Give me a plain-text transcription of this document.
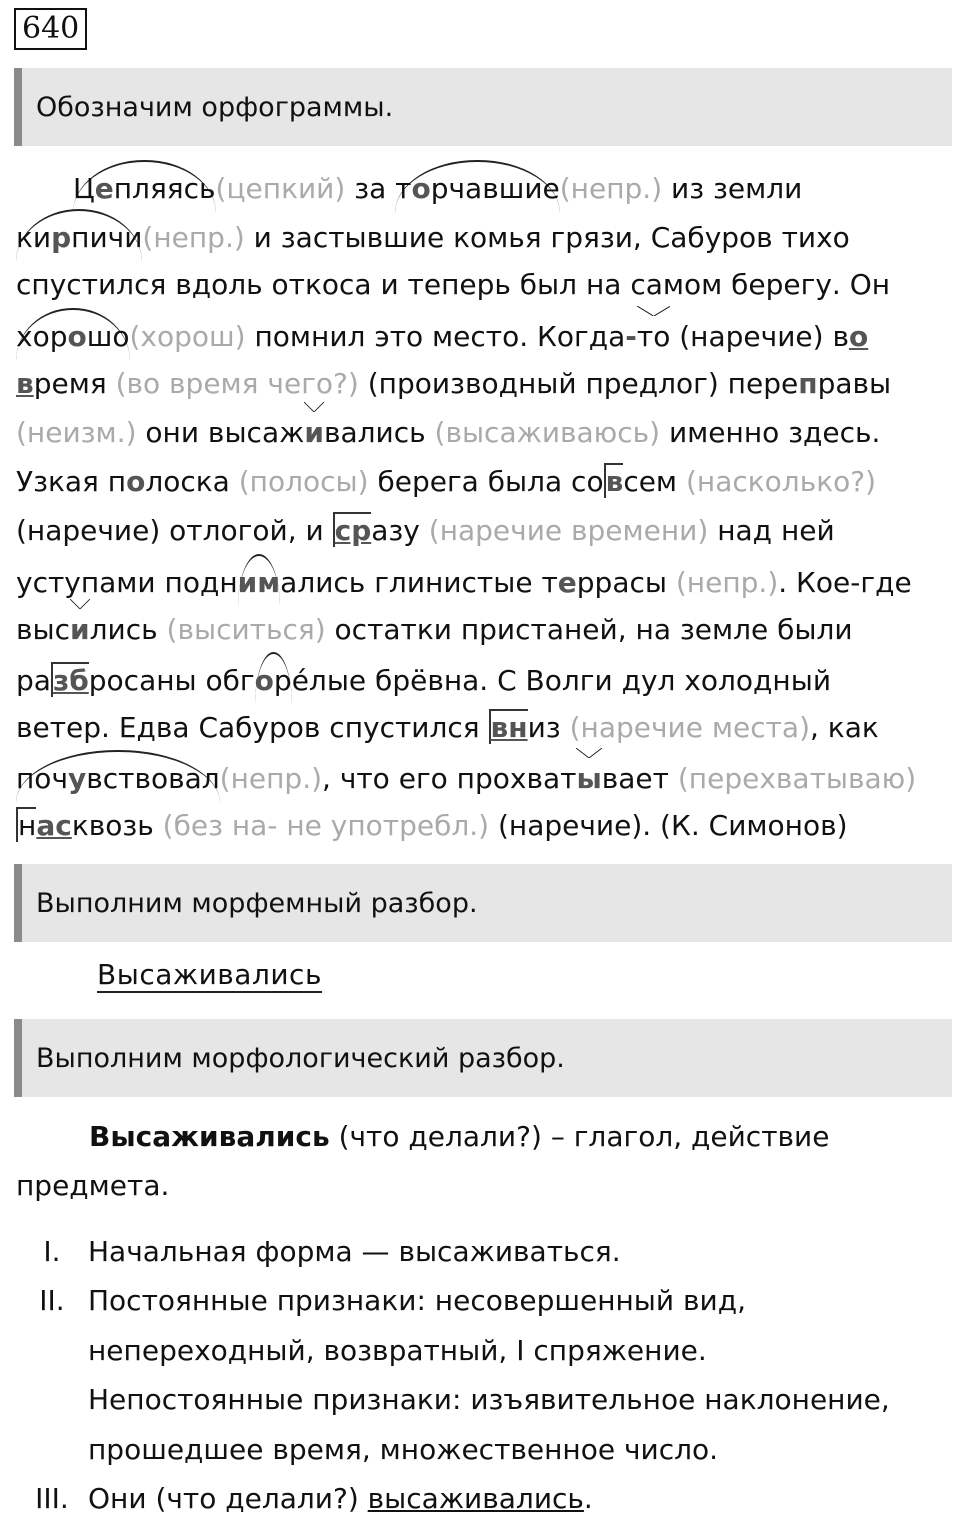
640
Обозначим орфограммы.
Цепляясь(цепкий) за торчавшие(непр.) из земли
кирпичи(непр.) и застывшие комья грязи, Сабуров тихо
спустился вдоль откоса и теперь был на самом берегу. Он
хорошо(хорош) помнил это место. Когда-то (наречие) во
время (во время чего?) (производный предлог) переправы
(неизм.) они высаживались (высаживаюсь) именно здесь.
Узкая полоска (полосы) берега была совсем (насколько?)
(наречие) отлогой, и сразу (наречие времени) над ней
уступами поднимались глинистые террасы (непр.). Кое-где
высились (выситься) остатки пристаней, на земле были
разбросаны обгорéлые брёвна. С Волги дул холодный
ветер. Едва Сабуров спустился вниз (наречие места), как
почувствовал(непр.), что его прохватывает (перехватываю)
насквозь (без на- не употребл.) (наречие). (К. Симонов)
Выполним морфемный разбор.
Высаживались
Выполним морфологический разбор.
Высаживались (что делали?) – глагол, действие
предмета.
I. Начальная форма — высаживаться.
II. Постоянные признаки: несовершенный вид,
непереходный, возвратный, I спряжение.
Непостоянные признаки: изъявительное наклонение,
прошедшее время, множественное число.
III. Они (что делали?) высаживались.
